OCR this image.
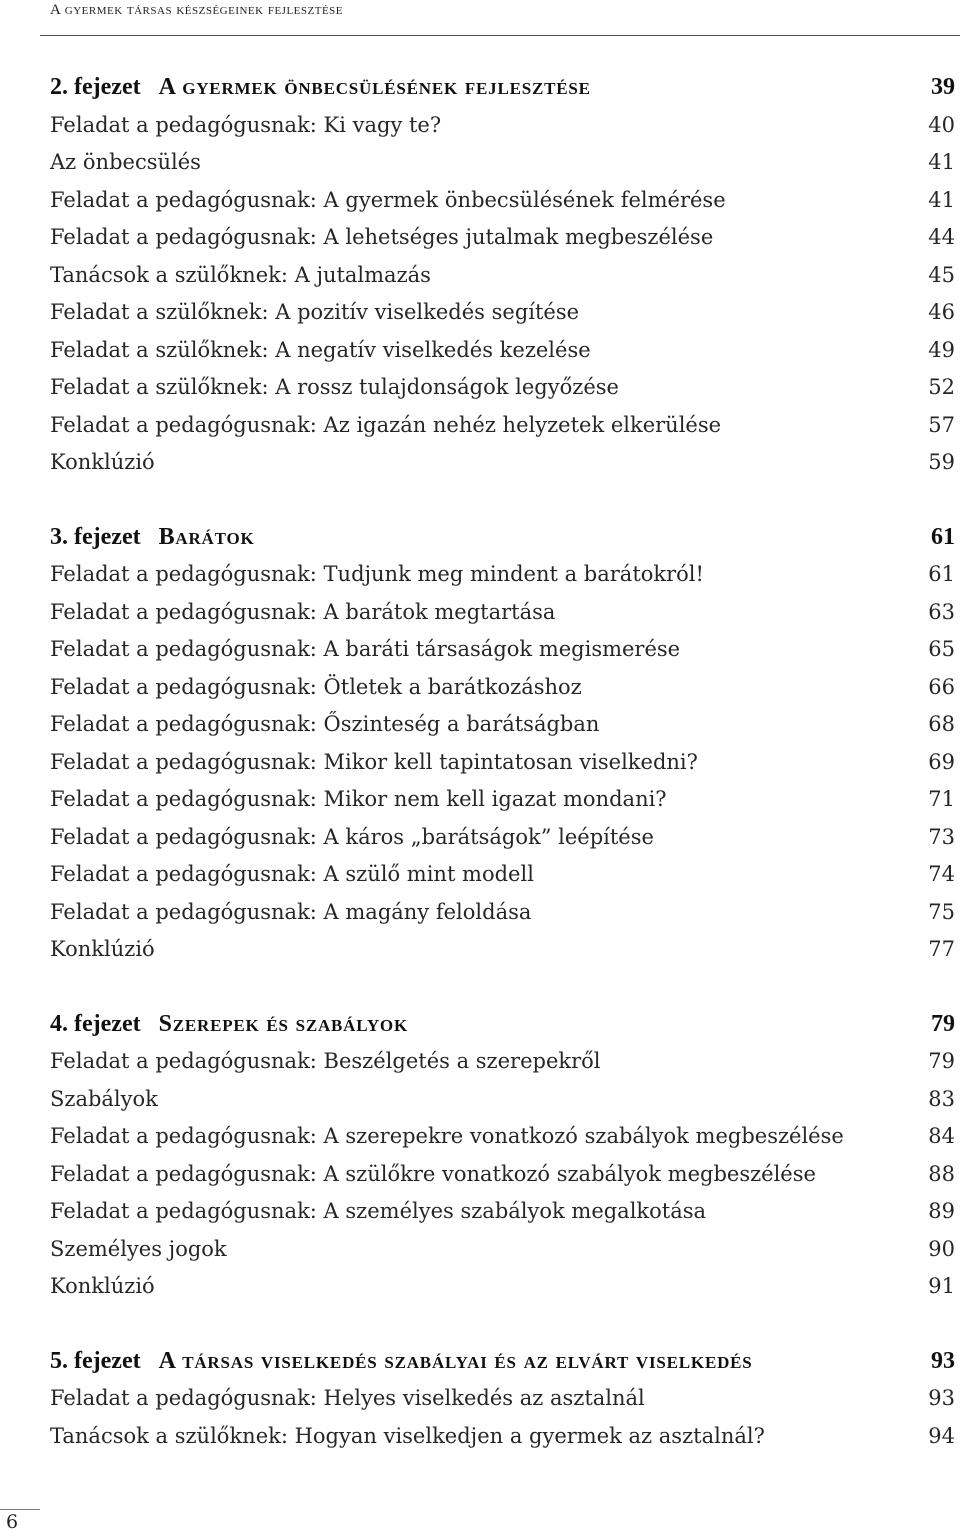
A gyermek társas készségeinek fejlesztése
2. fejezet A gyermek önbecsülésének fejlesztése	39
Feladat a pedagógusnak: Ki vagy te?	40
Az önbecsülés	41
Feladat a pedagógusnak: A gyermek önbecsülésének felmérése	41
Feladat a pedagógusnak: A lehetséges jutalmak megbeszélése	44
Tanácsok a szülőknek: A jutalmazás	45
Feladat a szülőknek: A pozitív viselkedés segítése	46
Feladat a szülőknek: A negatív viselkedés kezelése	49
Feladat a szülőknek: A rossz tulajdonságok legyőzése	52
Feladat a pedagógusnak: Az igazán nehéz helyzetek elkerülése	57
Konklúzió	59
3. fejezet Barátok	61
Feladat a pedagógusnak: Tudjunk meg mindent a barátokról!	61
Feladat a pedagógusnak: A barátok megtartása	63
Feladat a pedagógusnak: A baráti társaságok megismerése	65
Feladat a pedagógusnak: Ötletek a barátkozáshoz	66
Feladat a pedagógusnak: Őszinteség a barátságban	68
Feladat a pedagógusnak: Mikor kell tapintatosan viselkedni?	69
Feladat a pedagógusnak: Mikor nem kell igazat mondani?	71
Feladat a pedagógusnak: A káros „barátságok” leépítése	73
Feladat a pedagógusnak: A szülő mint modell	74
Feladat a pedagógusnak: A magány feloldása	75
Konklúzió	77
4. fejezet Szerepek és szabályok	79
Feladat a pedagógusnak: Beszélgetés a szerepekről	79
Szabályok	83
Feladat a pedagógusnak: A szerepekre vonatkozó szabályok megbeszélése	84
Feladat a pedagógusnak: A szülőkre vonatkozó szabályok megbeszélése	88
Feladat a pedagógusnak: A személyes szabályok megalkotása	89
Személyes jogok	90
Konklúzió	91
5. fejezet A társas viselkedés szabályai és az elvárt viselkedés	93
Feladat a pedagógusnak: Helyes viselkedés az asztalnál	93
Tanácsok a szülőknek: Hogyan viselkedjen a gyermek az asztalnál?	94
6
